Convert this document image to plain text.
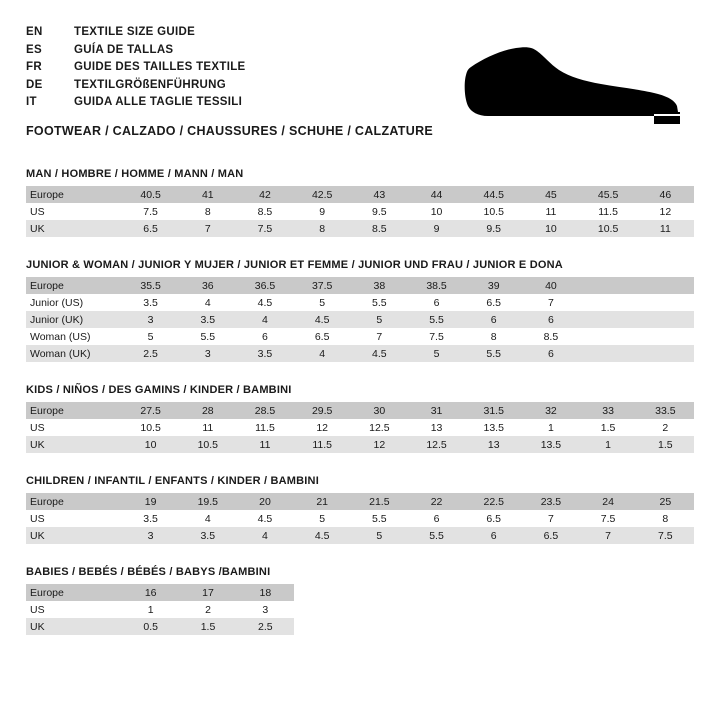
EN	TEXTILE SIZE GUIDE
ES	GUÍA DE TALLAS
FR	GUIDE DES TAILLES TEXTILE
DE	TEXTILGRÖßENFÜHRUNG
IT	GUIDA ALLE TAGLIE TESSILI
FOOTWEAR / CALZADO / CHAUSSURES / SCHUHE / CALZATURE
MAN / HOMBRE / HOMME / MANN / MAN
Europe	40.5	41	42	42.5	43	44	44.5	45	45.5	46
US	7.5	8	8.5	9	9.5	10	10.5	11	11.5	12
UK	6.5	7	7.5	8	8.5	9	9.5	10	10.5	11
JUNIOR & WOMAN / JUNIOR Y MUJER / JUNIOR ET FEMME / JUNIOR UND FRAU / JUNIOR E DONA
Europe	35.5	36	36.5	37.5	38	38.5	39	40		
Junior (US)	3.5	4	4.5	5	5.5	6	6.5	7		
Junior (UK)	3	3.5	4	4.5	5	5.5	6	6		
Woman (US)	5	5.5	6	6.5	7	7.5	8	8.5		
Woman (UK)	2.5	3	3.5	4	4.5	5	5.5	6		
KIDS / NIÑOS / DES GAMINS / KINDER / BAMBINI
Europe	27.5	28	28.5	29.5	30	31	31.5	32	33	33.5
US	10.5	11	11.5	12	12.5	13	13.5	1	1.5	2
UK	10	10.5	11	11.5	12	12.5	13	13.5	1	1.5
CHILDREN / INFANTIL / ENFANTS / KINDER / BAMBINI
Europe	19	19.5	20	21	21.5	22	22.5	23.5	24	25
US	3.5	4	4.5	5	5.5	6	6.5	7	7.5	8
UK	3	3.5	4	4.5	5	5.5	6	6.5	7	7.5
BABIES / BEBÉS / BÉBÉS / BABYS /BAMBINI
Europe	16	17	18
US	1	2	3
UK	0.5	1.5	2.5
